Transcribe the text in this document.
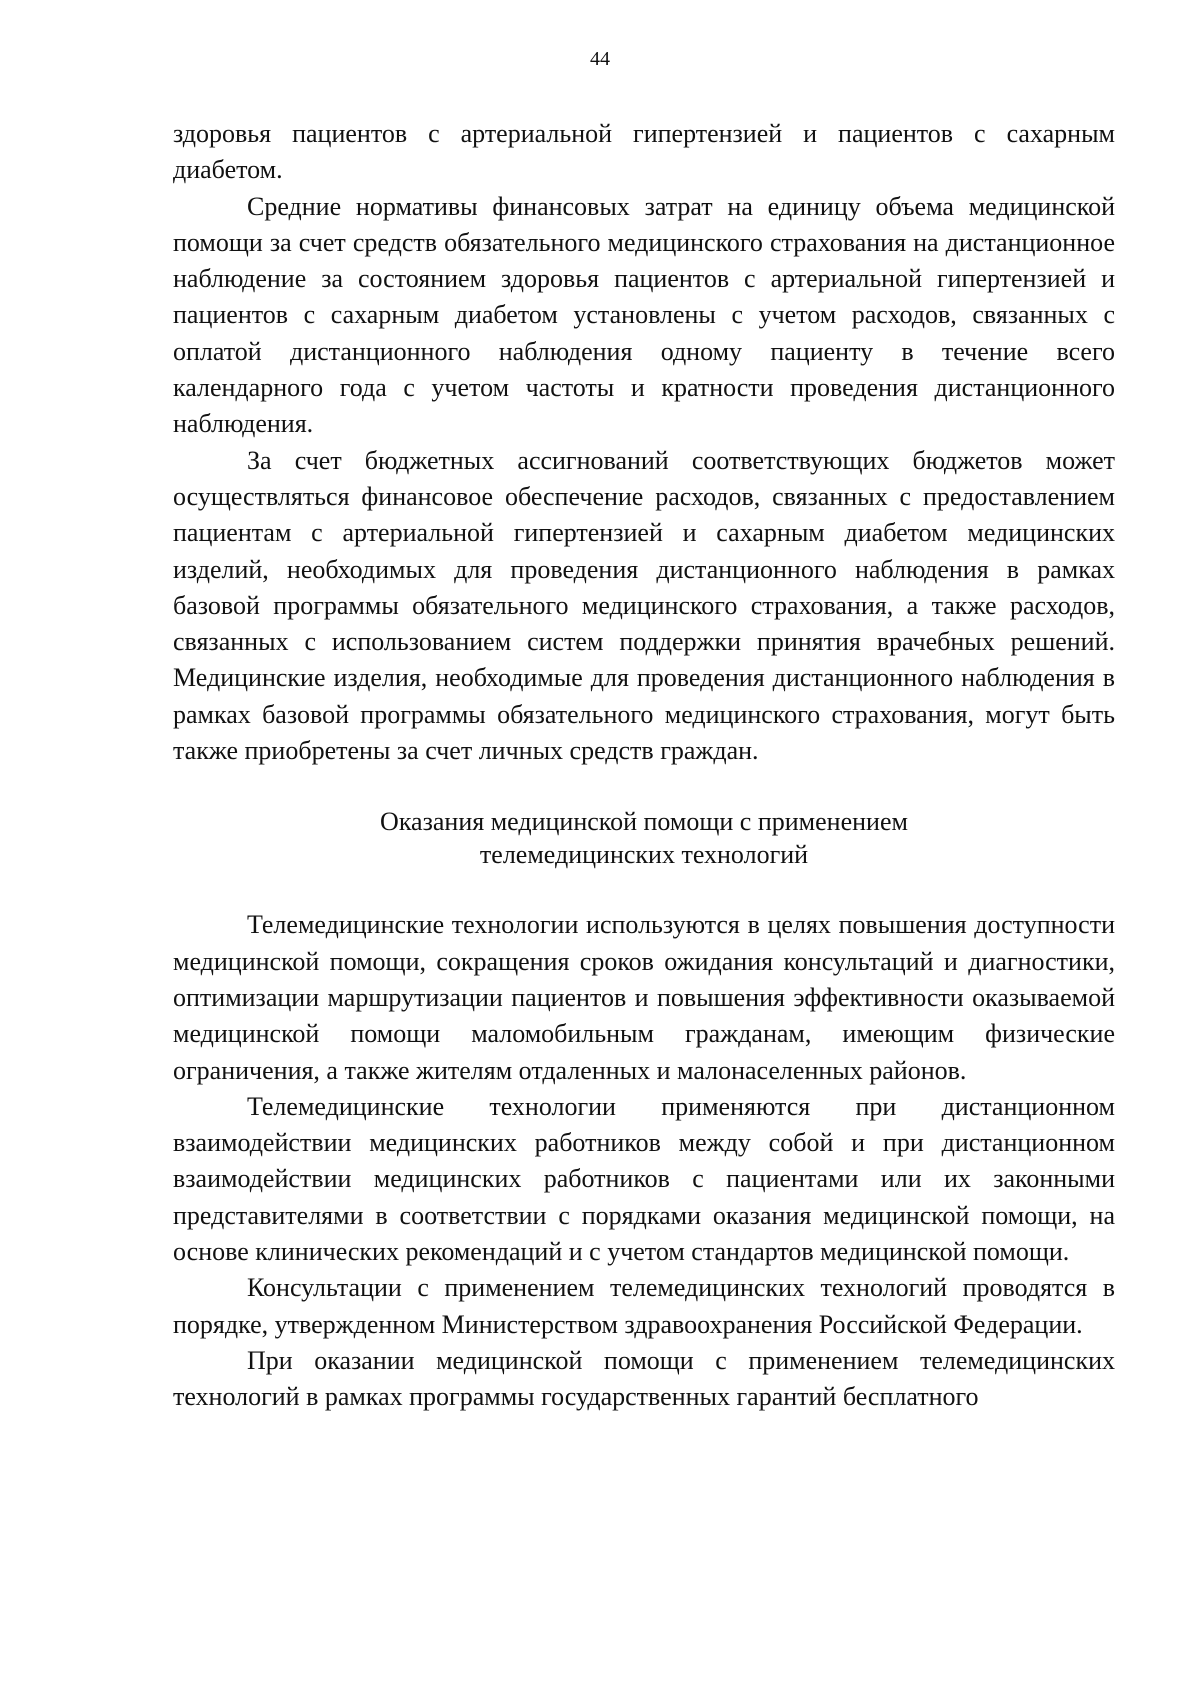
44

здоровья пациентов с артериальной гипертензией и пациентов с сахарным диабетом.

Средние нормативы финансовых затрат на единицу объема медицинской помощи за счет средств обязательного медицинского страхования на дистанционное наблюдение за состоянием здоровья пациентов с артериальной гипертензией и пациентов с сахарным диабетом установлены с учетом расходов, связанных с оплатой дистанционного наблюдения одному пациенту в течение всего календарного года с учетом частоты и кратности проведения дистанционного наблюдения.

За счет бюджетных ассигнований соответствующих бюджетов может осуществляться финансовое обеспечение расходов, связанных с предоставлением пациентам с артериальной гипертензией и сахарным диабетом медицинских изделий, необходимых для проведения дистанционного наблюдения в рамках базовой программы обязательного медицинского страхования, а также расходов, связанных с использованием систем поддержки принятия врачебных решений. Медицинские изделия, необходимые для проведения дистанционного наблюдения в рамках базовой программы обязательного медицинского страхования, могут быть также приобретены за счет личных средств граждан.

Оказания медицинской помощи с применением
телемедицинских технологий

Телемедицинские технологии используются в целях повышения доступности медицинской помощи, сокращения сроков ожидания консультаций и диагностики, оптимизации маршрутизации пациентов и повышения эффективности оказываемой медицинской помощи маломобильным гражданам, имеющим физические ограничения, а также жителям отдаленных и малонаселенных районов.

Телемедицинские технологии применяются при дистанционном взаимодействии медицинских работников между собой и при дистанционном взаимодействии медицинских работников с пациентами или их законными представителями в соответствии с порядками оказания медицинской помощи, на основе клинических рекомендаций и с учетом стандартов медицинской помощи.

Консультации с применением телемедицинских технологий проводятся в порядке, утвержденном Министерством здравоохранения Российской Федерации.

При оказании медицинской помощи с применением телемедицинских технологий в рамках программы государственных гарантий бесплатного
